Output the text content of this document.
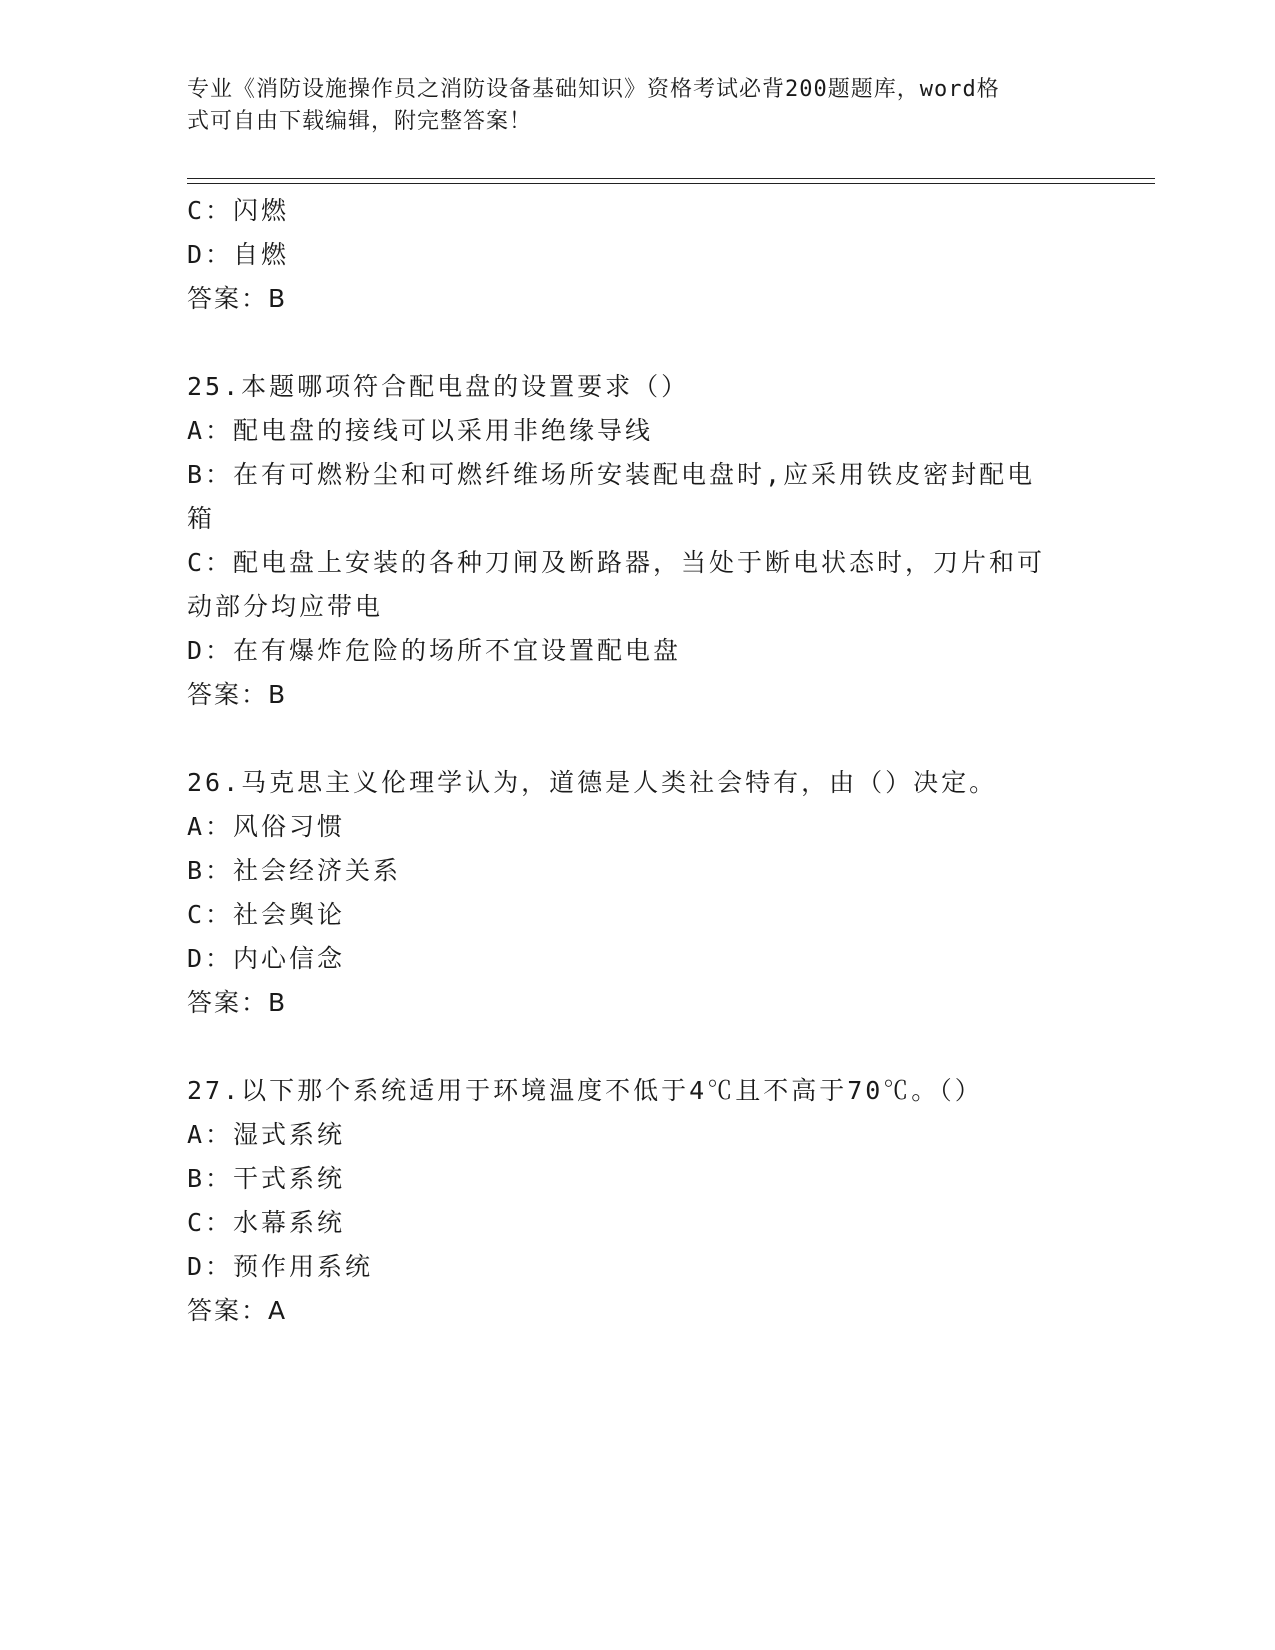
专业《消防设施操作员之消防设备基础知识》资格考试必背200题题库，word格
式可自由下载编辑，附完整答案！
C：闪燃
D：自燃
答案：B
25.本题哪项符合配电盘的设置要求（）
A：配电盘的接线可以采用非绝缘导线
B：在有可燃粉尘和可燃纤维场所安装配电盘时,应采用铁皮密封配电
箱
C：配电盘上安装的各种刀闸及断路器，当处于断电状态时，刀片和可
动部分均应带电
D：在有爆炸危险的场所不宜设置配电盘
答案：B
26.马克思主义伦理学认为，道德是人类社会特有，由（）决定。
A：风俗习惯
B：社会经济关系
C：社会舆论
D：内心信念
答案：B
27.以下那个系统适用于环境温度不低于4℃且不高于70℃。（）
A：湿式系统
B：干式系统
C：水幕系统
D：预作用系统
答案：A
